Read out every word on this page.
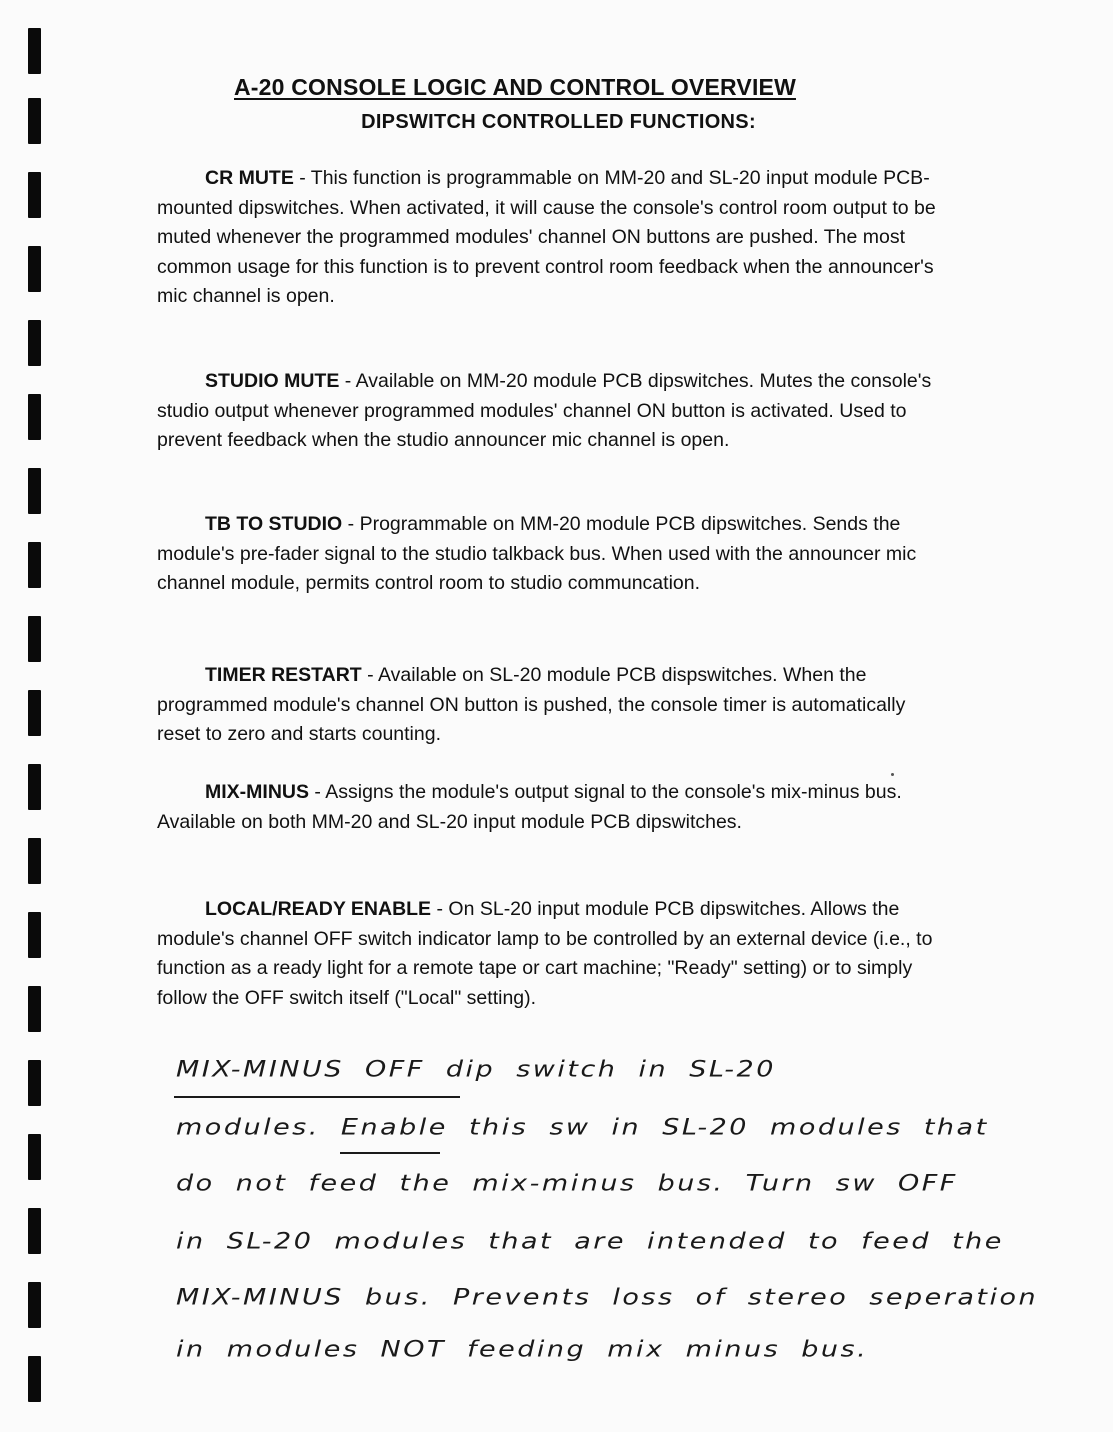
A-20 CONSOLE LOGIC AND CONTROL OVERVIEW
DIPSWITCH CONTROLLED FUNCTIONS:

CR MUTE - This function is programmable on MM-20 and SL-20 input module PCB-mounted dipswitches. When activated, it will cause the console's control room output to be muted whenever the programmed modules' channel ON buttons are pushed. The most common usage for this function is to prevent control room feedback when the announcer's mic channel is open.

STUDIO MUTE - Available on MM-20 module PCB dipswitches. Mutes the console's studio output whenever programmed modules' channel ON button is activated. Used to prevent feedback when the studio announcer mic channel is open.

TB TO STUDIO - Programmable on MM-20 module PCB dipswitches. Sends the module's pre-fader signal to the studio talkback bus. When used with the announcer mic channel module, permits control room to studio communcation.

TIMER RESTART - Available on SL-20 module PCB dispswitches. When the programmed module's channel ON button is pushed, the console timer is automatically reset to zero and starts counting.

MIX-MINUS - Assigns the module's output signal to the console's mix-minus bus. Available on both MM-20 and SL-20 input module PCB dipswitches.

LOCAL/READY ENABLE - On SL-20 input module PCB dipswitches. Allows the module's channel OFF switch indicator lamp to be controlled by an external device (i.e., to function as a ready light for a remote tape or cart machine; "Ready" setting) or to simply follow the OFF switch itself ("Local" setting).

MIX-MINUS OFF dip switch in SL-20
modules. Enable this sw in SL-20 modules that
do not feed the mix-minus bus. Turn sw OFF
in SL-20 modules that are intended to feed the
MIX-MINUS bus. Prevents loss of stereo seperation
in modules NOT feeding mix minus bus.
